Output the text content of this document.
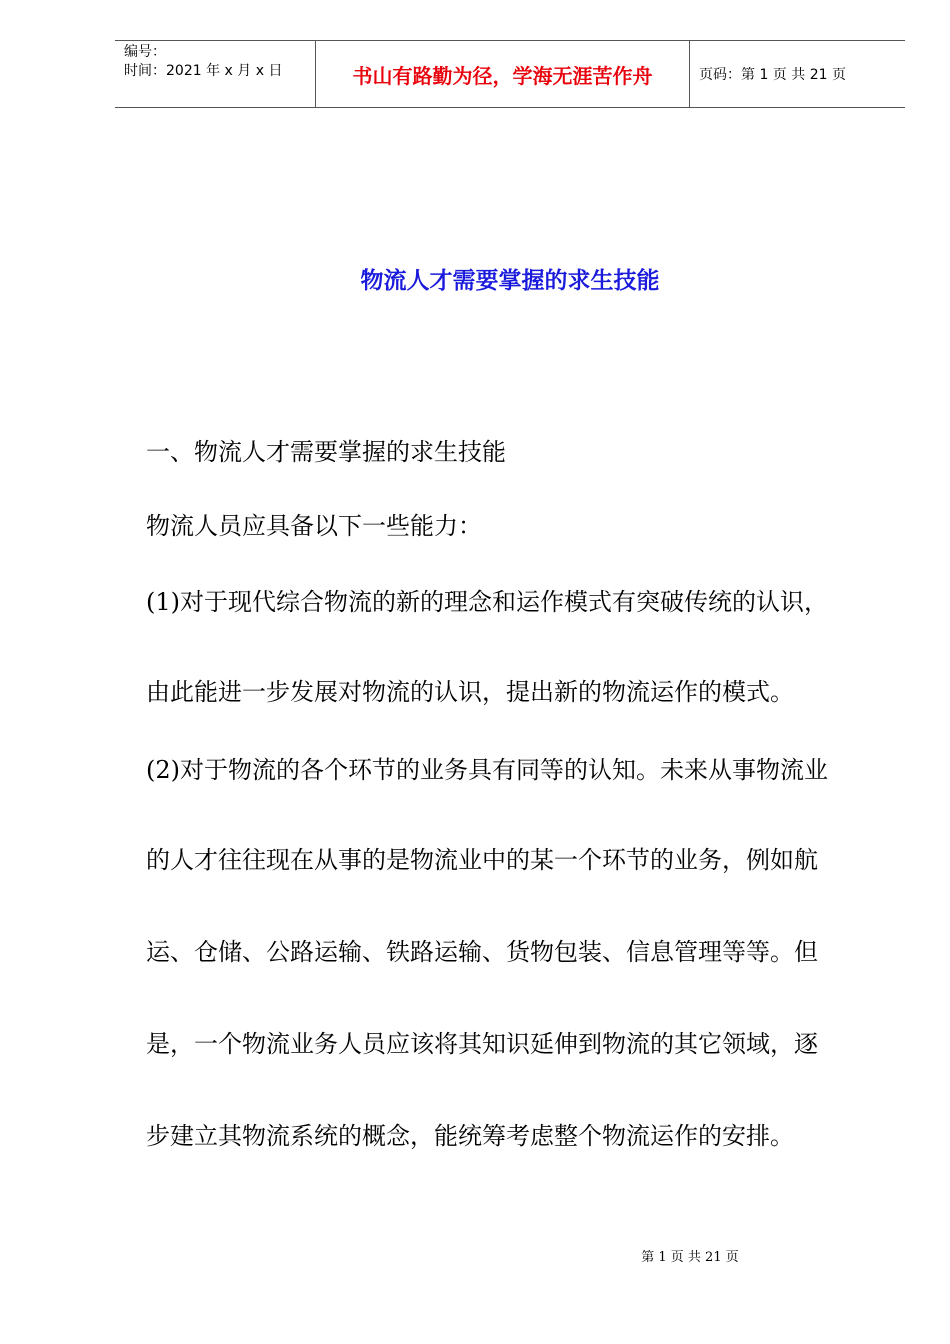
编号：
时间：2021 年 x 月 x 日	书山有路勤为径，学海无涯苦作舟	页码：第 1 页 共 21 页
物流人才需要掌握的求生技能
一、物流人才需要掌握的求生技能
物流人员应具备以下一些能力：
(1)对于现代综合物流的新的理念和运作模式有突破传统的认识，
由此能进一步发展对物流的认识，提出新的物流运作的模式。
(2)对于物流的各个环节的业务具有同等的认知。未来从事物流业
的人才往往现在从事的是物流业中的某一个环节的业务，例如航
运、仓储、公路运输、铁路运输、货物包装、信息管理等等。但
是，一个物流业务人员应该将其知识延伸到物流的其它领域，逐
步建立其物流系统的概念，能统筹考虑整个物流运作的安排。
第 1 页 共 21 页
